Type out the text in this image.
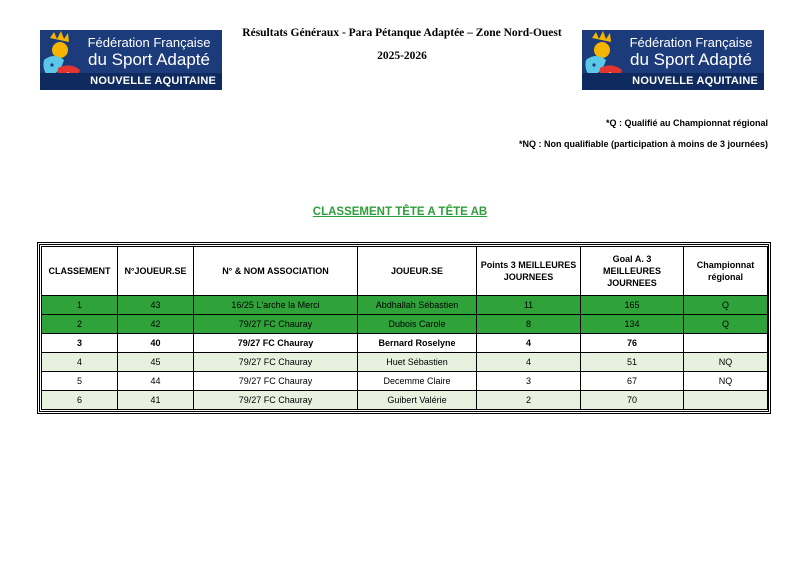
Fédération Française
du Sport Adapté
NOUVELLE AQUITAINE
Résultats Généraux - Para Pétanque Adaptée – Zone Nord-Ouest
2025-2026
Fédération Française
du Sport Adapté
NOUVELLE AQUITAINE
*Q : Qualifié au Championnat régional
*NQ : Non qualifiable (participation à moins de 3 journées)
CLASSEMENT TÊTE A TÊTE AB
CLASSEMENT	N°JOUEUR.SE	N° & NOM ASSOCIATION	JOUEUR.SE	Points 3 MEILLEURES JOURNEES	Goal A. 3 MEILLEURES JOURNEES	Championnat régional
1	43	16/25 L'arche la Merci	Abdhallah Sébastien	11	165	Q
2	42	79/27 FC Chauray	Dubois Carole	8	134	Q
3	40	79/27 FC Chauray	Bernard Roselyne	4	76	
4	45	79/27 FC Chauray	Huet Sébastien	4	51	NQ
5	44	79/27 FC Chauray	Decemme Claire	3	67	NQ
6	41	79/27 FC Chauray	Guibert Valérie	2	70	
